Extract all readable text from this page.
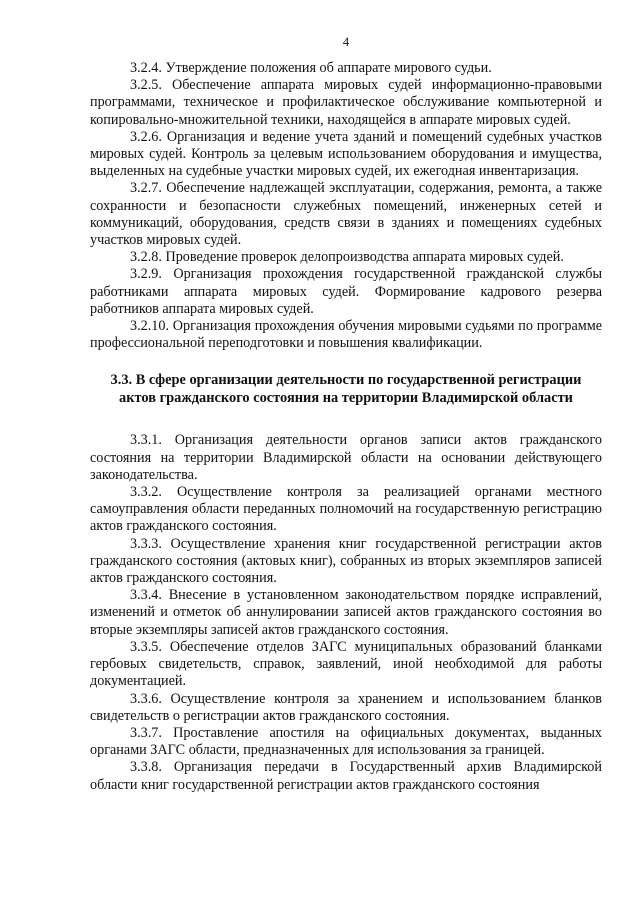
4

3.2.4. Утверждение положения об аппарате мирового судьи.

3.2.5. Обеспечение аппарата мировых судей информационно-правовыми программами, техническое и профилактическое обслуживание компьютерной и копировально-множительной техники, находящейся в аппарате мировых судей.

3.2.6. Организация и ведение учета зданий и помещений судебных участков мировых судей. Контроль за целевым использованием оборудования и имущества, выделенных на судебные участки мировых судей, их ежегодная инвентаризация.

3.2.7. Обеспечение надлежащей эксплуатации, содержания, ремонта, а также сохранности и безопасности служебных помещений, инженерных сетей и коммуникаций, оборудования, средств связи в зданиях и помещениях судебных участков мировых судей.

3.2.8. Проведение проверок делопроизводства аппарата мировых судей.

3.2.9. Организация прохождения государственной гражданской службы работниками аппарата мировых судей. Формирование кадрового резерва работников аппарата мировых судей.

3.2.10. Организация прохождения обучения мировыми судьями по программе профессиональной переподготовки и повышения квалификации.

3.3. В сфере организации деятельности по государственной регистрации
актов гражданского состояния на территории Владимирской области

3.3.1. Организация деятельности органов записи актов гражданского состояния на территории Владимирской области на основании действующего законодательства.

3.3.2. Осуществление контроля за реализацией органами местного самоуправления области переданных полномочий на государственную регистрацию актов гражданского состояния.

3.3.3. Осуществление хранения книг государственной регистрации актов гражданского состояния (актовых книг), собранных из вторых экземпляров записей актов гражданского состояния.

3.3.4. Внесение в установленном законодательством порядке исправлений, изменений и отметок об аннулировании записей актов гражданского состояния во вторые экземпляры записей актов гражданского состояния.

3.3.5. Обеспечение отделов ЗАГС муниципальных образований бланками гербовых свидетельств, справок, заявлений, иной необходимой для работы документацией.

3.3.6. Осуществление контроля за хранением и использованием бланков свидетельств о регистрации актов гражданского состояния.

3.3.7. Проставление апостиля на официальных документах, выданных органами ЗАГС области, предназначенных для использования за границей.

3.3.8. Организация передачи в Государственный архив Владимирской области книг государственной регистрации актов гражданского состояния
